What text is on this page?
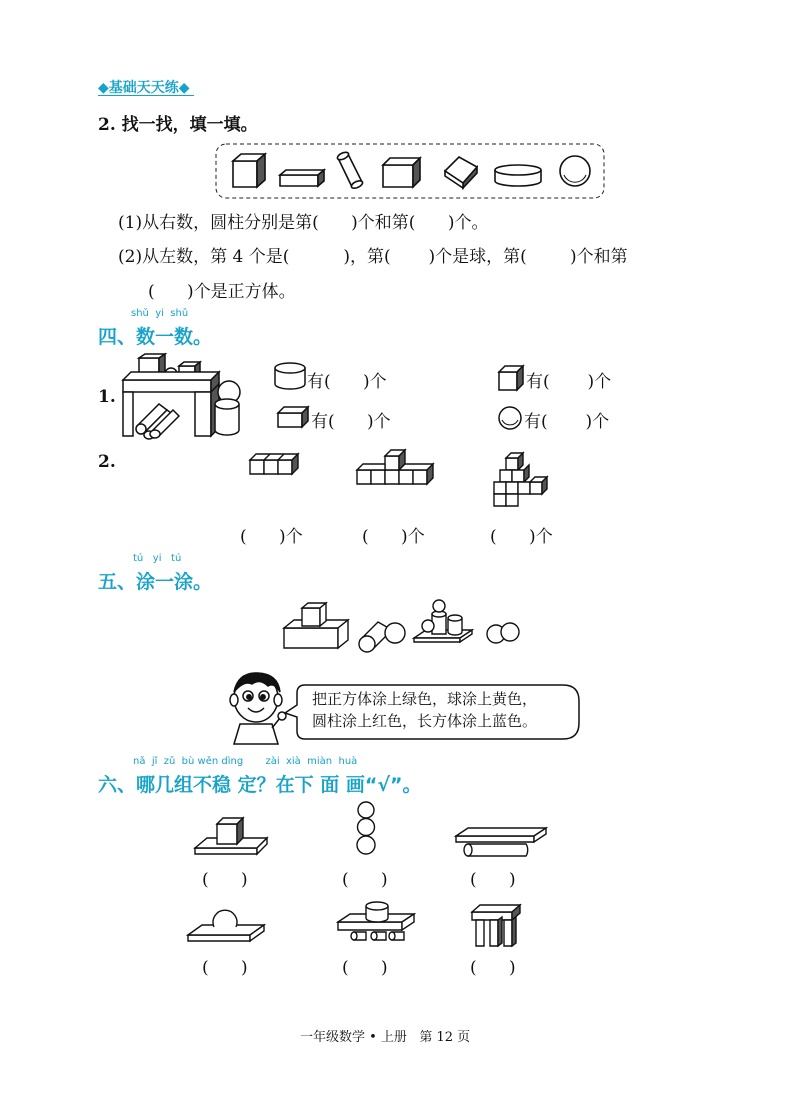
◆基础天天练◆
2. 找一找，填一填。
(1)从右数，圆柱分别是第(      )个和第(      )个。
(2)从左数，第 4 个是(          )，第(       )个是球，第(        )个和第
(      )个是正方体。
shǔ  yi  shǔ
四、数一数。
1.
有(      )个	有(       )个
有(      )个	有(       )个
2.
(      )个	(      )个	(      )个
tú   yi   tú
五、涂一涂。
把正方体涂上绿色，球涂上黄色，
圆柱涂上红色，长方体涂上蓝色。
nǎ  jǐ  zǔ  bù wěn dìng       zài  xià  miàn  huà
六、哪几组不稳 定？在下 面 画“√”。
(      )	(      )	(      )
(      )	(      )	(      )
一年级数学 • 上册   第 12 页
